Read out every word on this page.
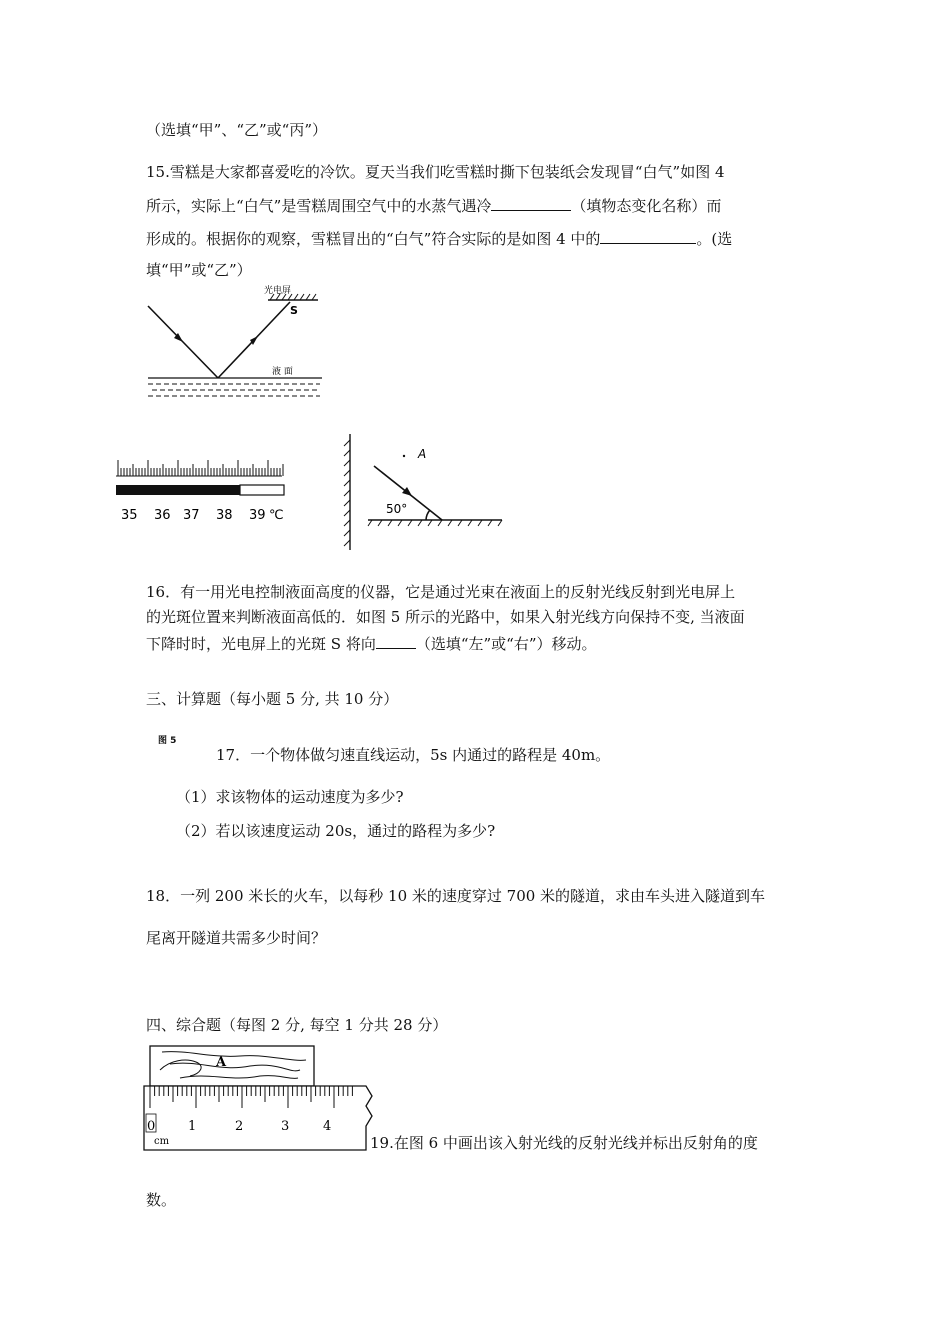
（选填“甲”、“乙”或“丙”）
15.雪糕是大家都喜爱吃的冷饮。夏天当我们吃雪糕时撕下包装纸会发现冒“白气”如图 4
所示，实际上“白气”是雪糕周围空气中的水蒸气遇冷	（填物态变化名称）而
形成的。根据你的观察，雪糕冒出的“白气”符合实际的是如图 4 中的	。(选
填“甲”或“乙”）
光电屏
S
液 面
35 36 37 38 39 ℃
A
50°
16．有一用光电控制液面高度的仪器，它是通过光束在液面上的反射光线反射到光电屏上
的光斑位置来判断液面高低的．如图 5 所示的光路中，如果入射光线方向保持不变, 当液面
下降时时，光电屏上的光斑 S 将向	（选填“左”或“右”）移动。
三、计算题（每小题 5 分, 共 10 分）
图 5
17．一个物体做匀速直线运动，5s 内通过的路程是 40m。
（1）求该物体的运动速度为多少?
（2）若以该速度运动 20s，通过的路程为多少?
18．一列 200 米长的火车，以每秒 10 米的速度穿过 700 米的隧道，求由车头进入隧道到车
尾离开隧道共需多少时间？
四、综合题（每图 2 分, 每空 1 分共 28 分）
A
0	1	2	3	4
cm	19.在图 6 中画出该入射光线的反射光线并标出反射角的度
数。
